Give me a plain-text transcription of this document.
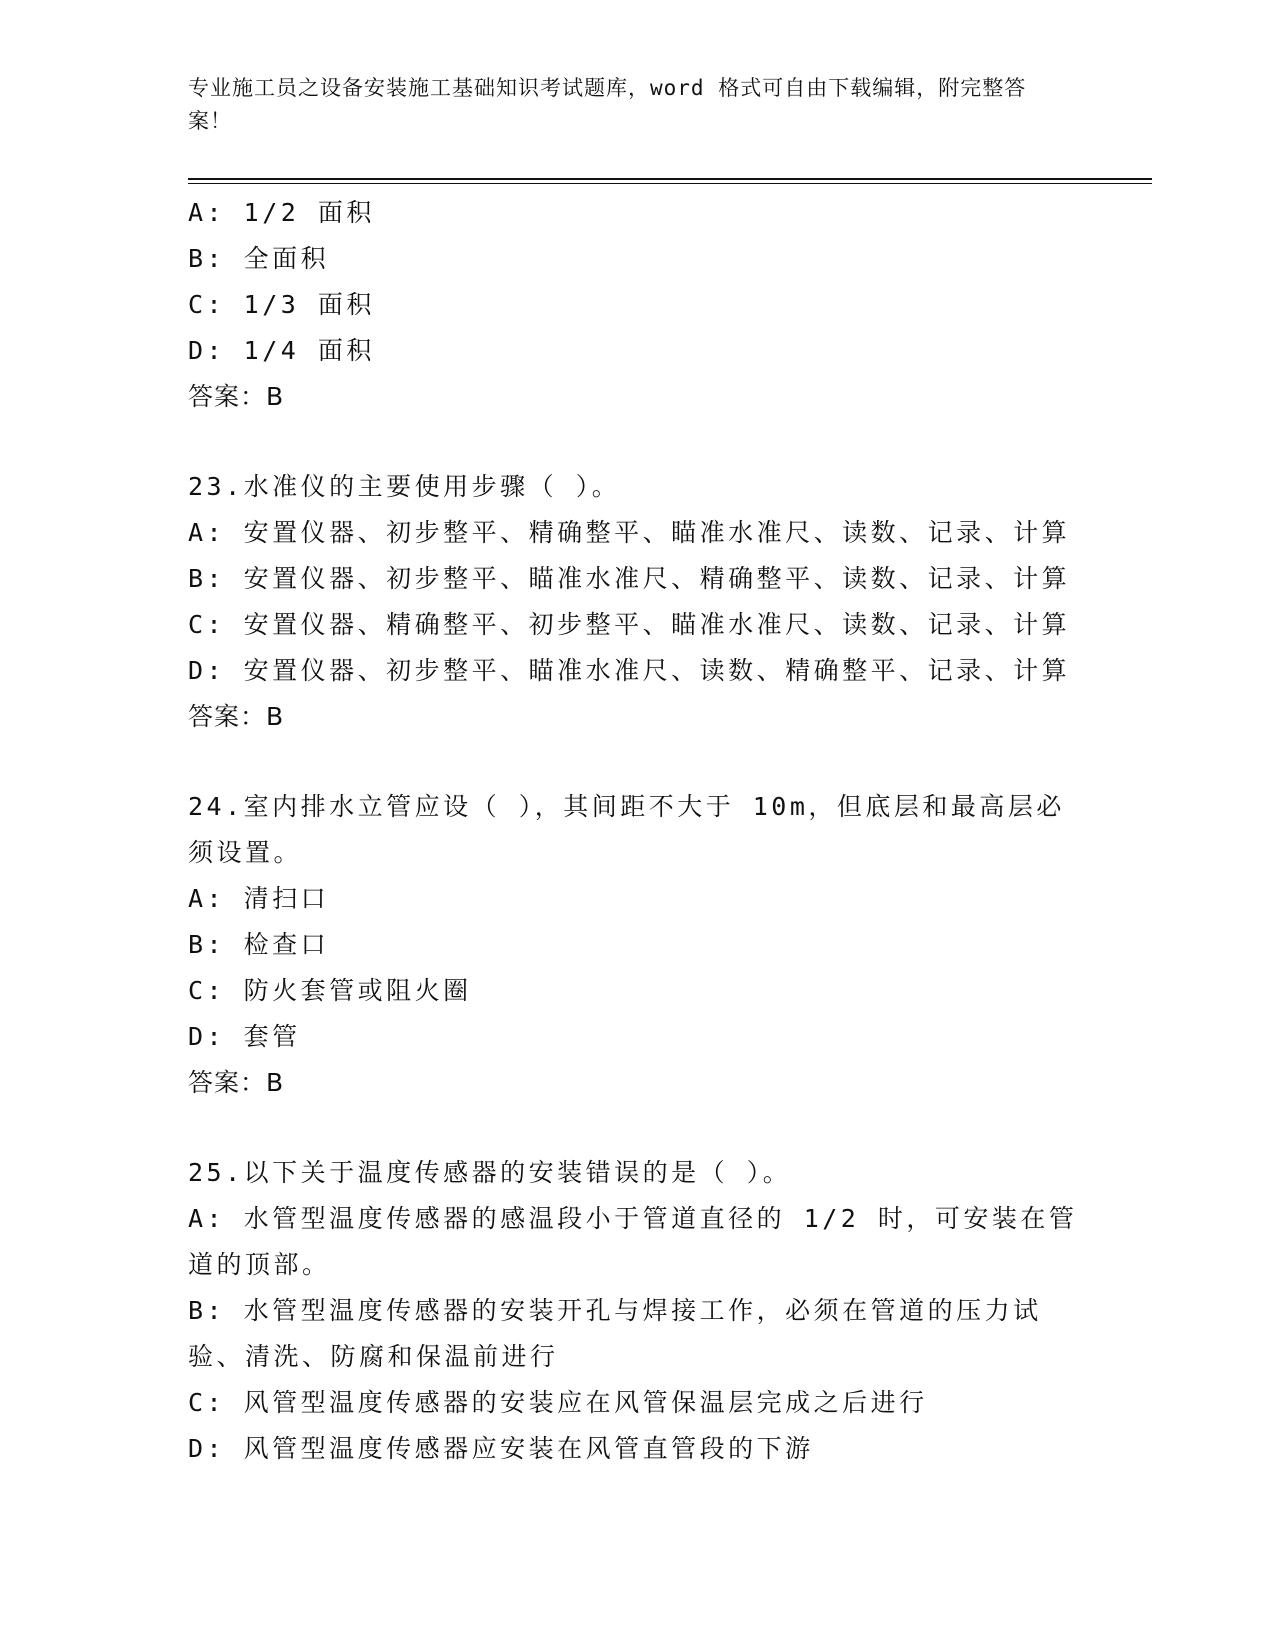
专业施工员之设备安装施工基础知识考试题库，word 格式可自由下载编辑，附完整答案！

A: 1/2 面积

B: 全面积

C: 1/3 面积

D: 1/4 面积

答案：B

23.水准仪的主要使用步骤（ ）。

A: 安置仪器、初步整平、精确整平、瞄准水准尺、读数、记录、计算

B: 安置仪器、初步整平、瞄准水准尺、精确整平、读数、记录、计算

C: 安置仪器、精确整平、初步整平、瞄准水准尺、读数、记录、计算

D: 安置仪器、初步整平、瞄准水准尺、读数、精确整平、记录、计算

答案：B

24.室内排水立管应设（ ），其间距不大于 10m，但底层和最高层必须设置。

A: 清扫口

B: 检查口

C: 防火套管或阻火圈

D: 套管

答案：B

25.以下关于温度传感器的安装错误的是（ ）。

A: 水管型温度传感器的感温段小于管道直径的 1/2 时，可安装在管道的顶部。

B: 水管型温度传感器的安装开孔与焊接工作，必须在管道的压力试验、清洗、防腐和保温前进行

C: 风管型温度传感器的安装应在风管保温层完成之后进行

D: 风管型温度传感器应安装在风管直管段的下游
